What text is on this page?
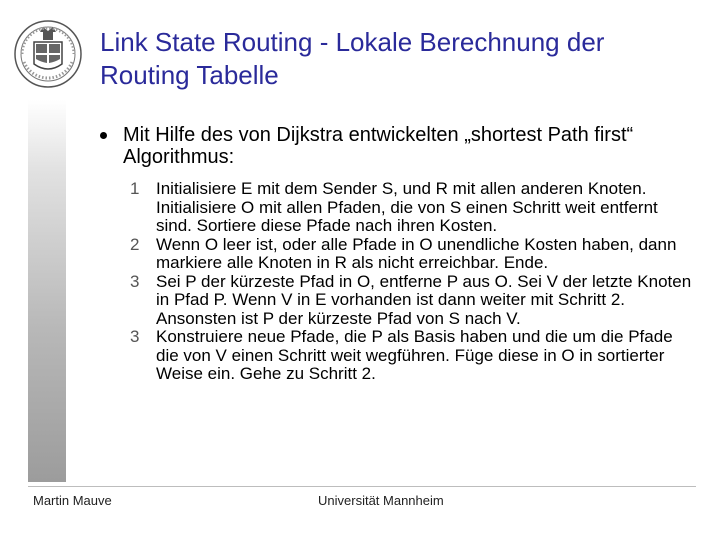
Link State Routing - Lokale Berechnung der
Routing Tabelle
Mit Hilfe des von Dijkstra entwickelten „shortest Path first“ Algorithmus:
1 Initialisiere E mit dem Sender S, und R mit allen anderen Knoten. Initialisiere O mit allen Pfaden, die von S einen Schritt weit entfernt sind. Sortiere diese Pfade nach ihren Kosten.
2 Wenn O leer ist, oder alle Pfade in O unendliche Kosten haben, dann markiere alle Knoten in R als nicht erreichbar. Ende.
3 Sei P der kürzeste Pfad in O, entferne P aus O. Sei V der letzte Knoten in Pfad P. Wenn V in E vorhanden ist dann weiter mit Schritt 2. Ansonsten ist P der kürzeste Pfad von S nach V.
3 Konstruiere neue Pfade, die P als Basis haben und die um die Pfade die von V einen Schritt weit wegführen. Füge diese in O in sortierter Weise ein. Gehe zu Schritt 2.
Martin Mauve	Universität Mannheim
